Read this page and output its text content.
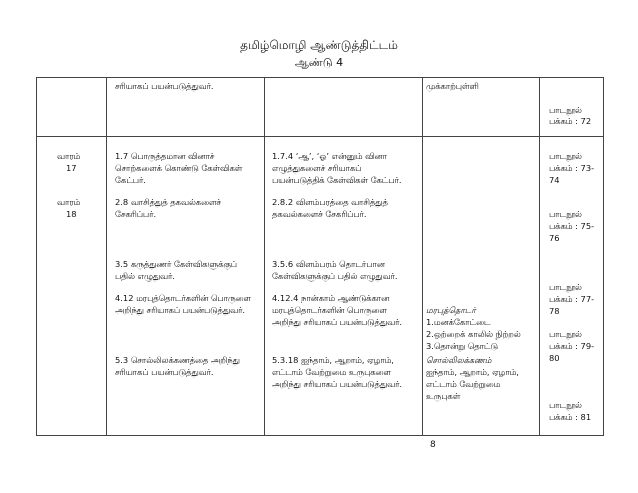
தமிழ்மொழி ஆண்டுத்திட்டம்
ஆண்டு 4
சரியாகப் பயன்படுத்துவர்.	முக்காற்புள்ளி
பாடநூல்
பக்கம் : 72
வாரம்
17
வாரம்
18
1.7 பொருத்தமான வினாச்
சொற்களைக் கொண்டு கேள்விகள்
கேட்பர்.
2.8 வாசித்துத் தகவல்களைச்
சேகரிப்பர்.
3.5 கருத்துணர் கேள்விகளுக்குப்
பதில் எழுதுவர்.
4.12 மரபுத்தொடர்களின் பொருளை
அறிந்து சரியாகப் பயன்படுத்துவர்.
5.3 சொல்லிலக்கணத்தை அறிந்து
சரியாகப் பயன்படுத்துவர்.
1.7.4 ‘ஆ’, ‘ஓ’ என்னும் வினா
எழுத்துகளைச் சரியாகப்
பயன்படுத்திக் கேள்விகள் கேட்பர்.
2.8.2 விளம்பரத்தை வாசித்துத்
தகவல்களைச் சேகரிப்பர்.
3.5.6 விளம்பரம் தொடர்பான
கேள்விகளுக்குப் பதில் எழுதுவர்.
4.12.4 நான்காம் ஆண்டுக்கான
மரபுத்தொடர்களின் பொருளை
அறிந்து சரியாகப் பயன்படுத்துவர்.
5.3.18 ஐந்தாம், ஆறாம், ஏழாம்,
எட்டாம் வேற்றுமை உருபுகளை
அறிந்து சரியாகப் பயன்படுத்துவர்.
மரபுத்தொடர்
1.மனக்கோட்டை
2.ஒற்றைக் காலில் நிற்றல்
3.தொன்று தொட்டு
சொல்லிலக்கணம்
ஐந்தாம், ஆறாம், ஏழாம்,
எட்டாம் வேற்றுமை
உருபுகள்
பாடநூல்
பக்கம் : 73-
74
பாடநூல்
பக்கம் : 75-
76
பாடநூல்
பக்கம் : 77-
78
பாடநூல்
பக்கம் : 79-
80
பாடநூல்
பக்கம் : 81
8
